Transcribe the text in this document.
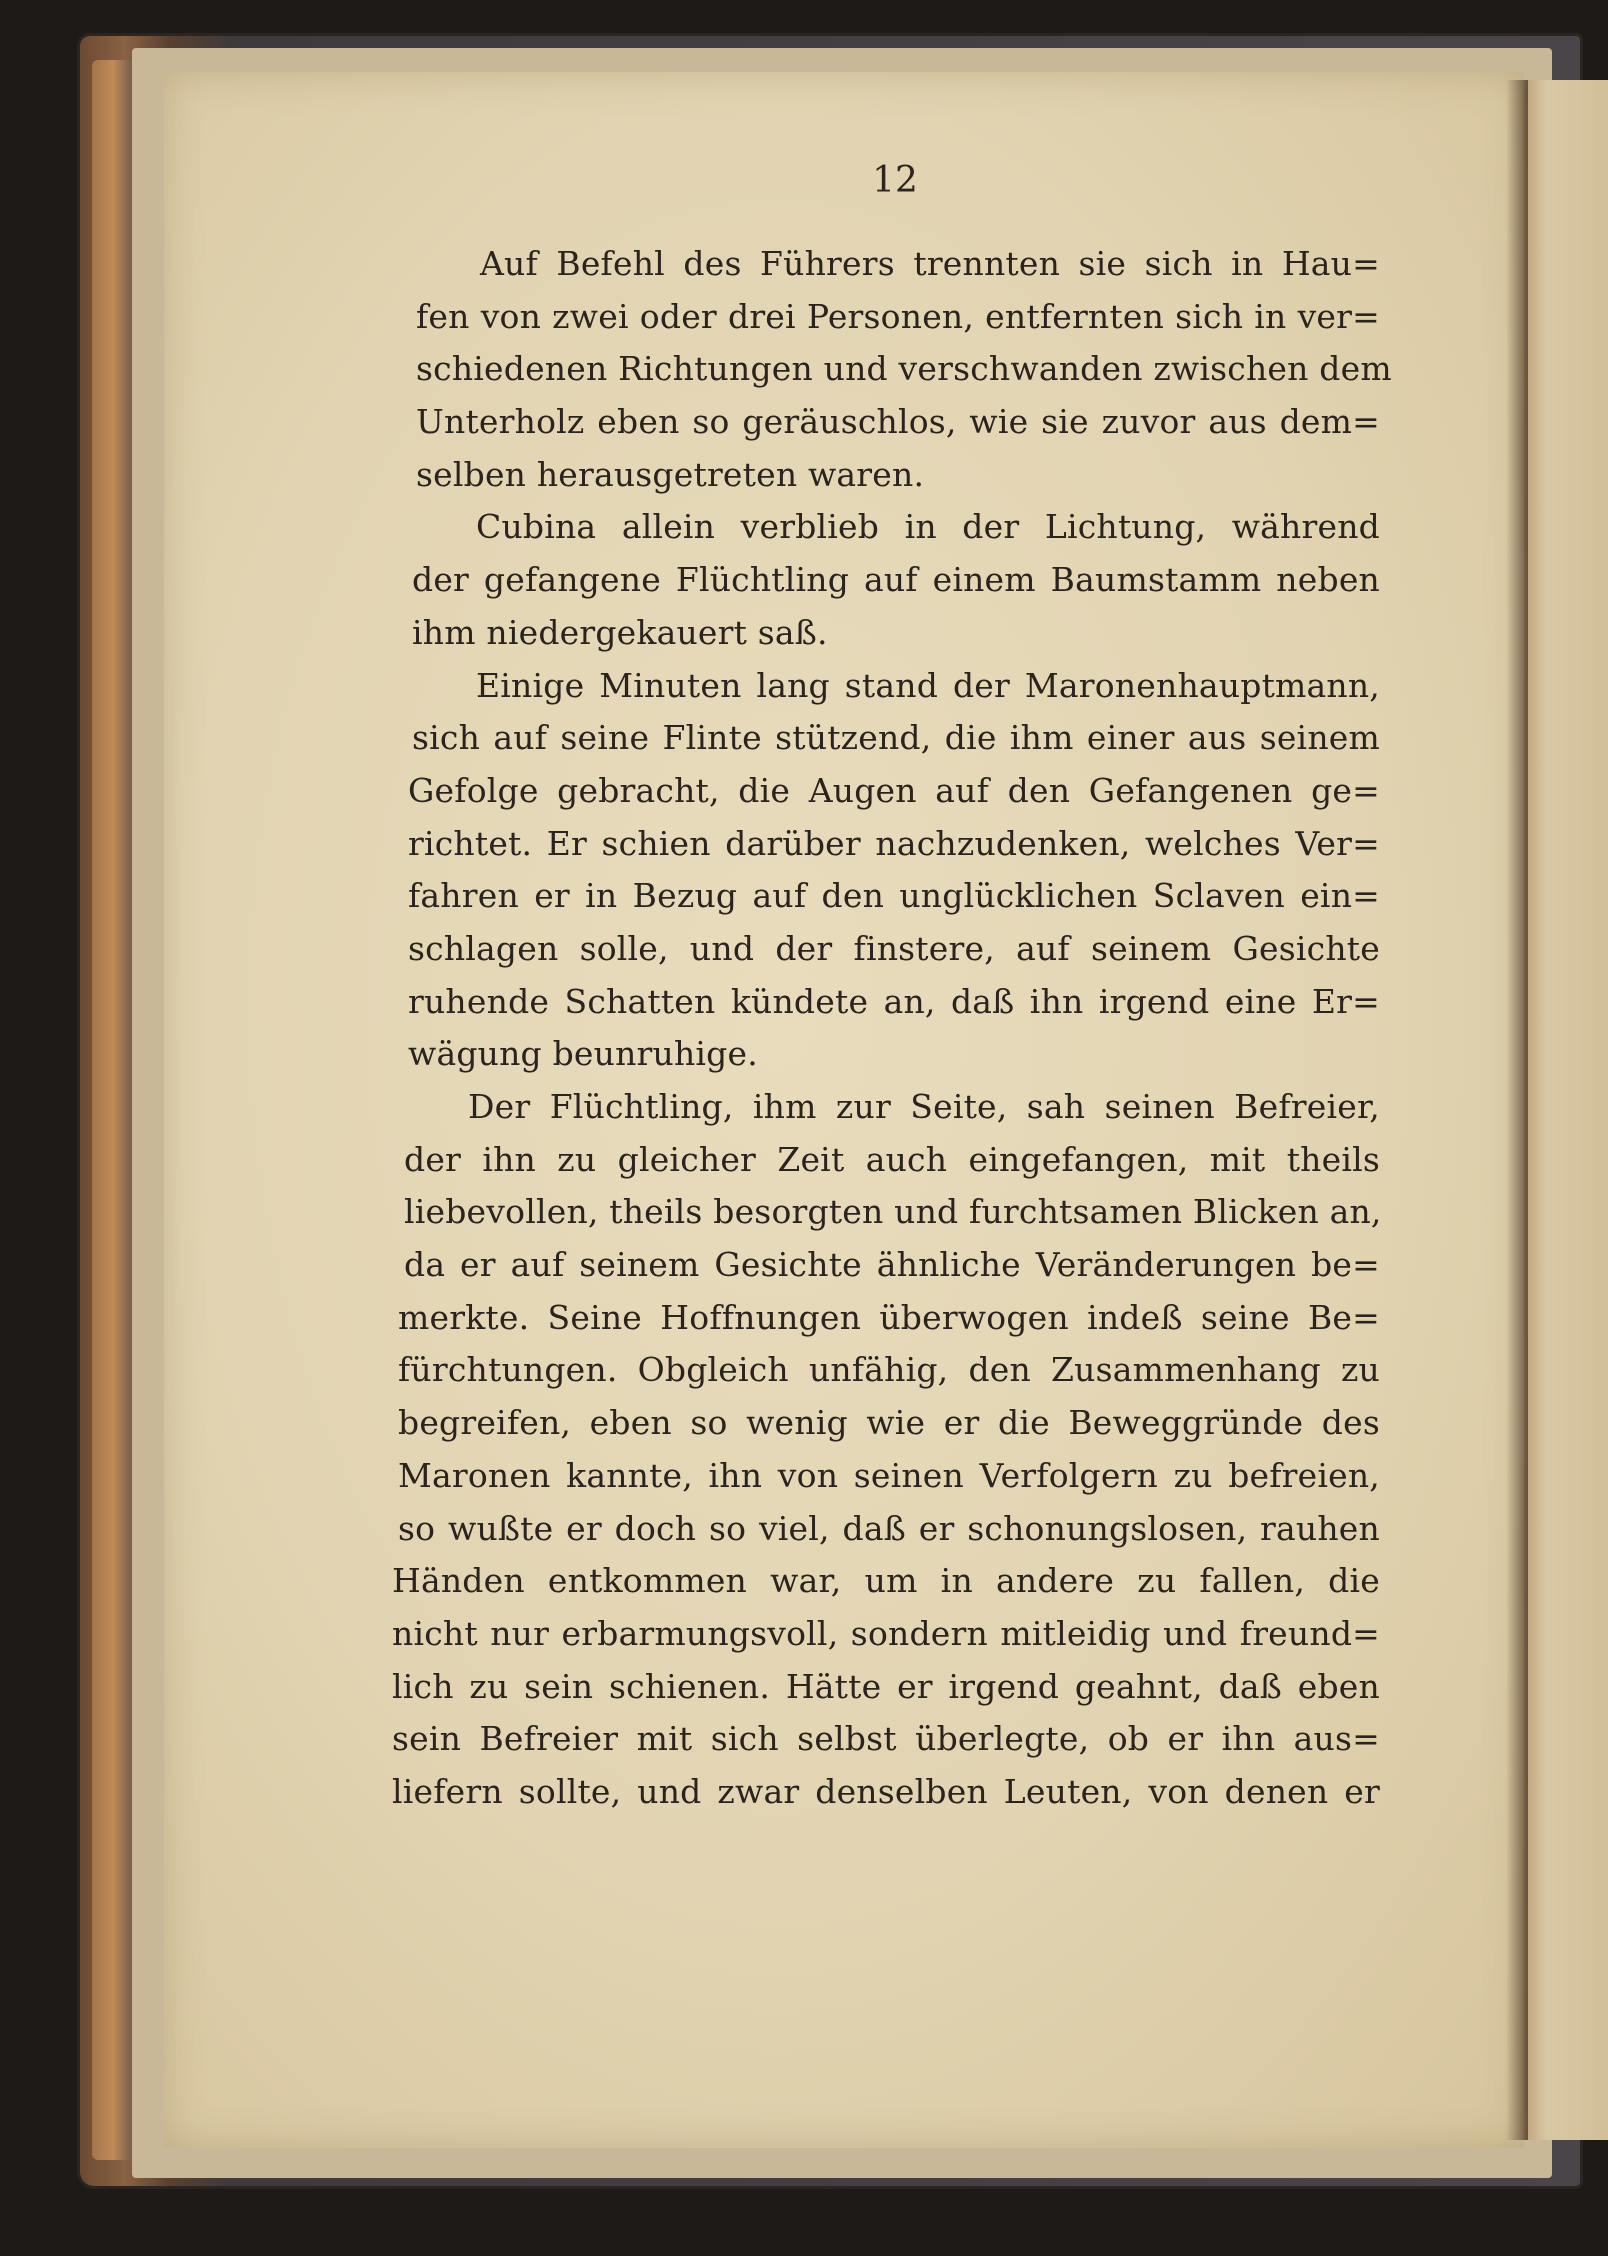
12
Auf Befehl des Führers trennten sie sich in Hau=
fen von zwei oder drei Personen, entfernten sich in ver=
schiedenen Richtungen und verschwanden zwischen dem
Unterholz eben so geräuschlos, wie sie zuvor aus dem=
selben herausgetreten waren.
Cubina allein verblieb in der Lichtung, während
der gefangene Flüchtling auf einem Baumstamm neben
ihm niedergekauert saß.
Einige Minuten lang stand der Maronenhauptmann,
sich auf seine Flinte stützend, die ihm einer aus seinem
Gefolge gebracht, die Augen auf den Gefangenen ge=
richtet. Er schien darüber nachzudenken, welches Ver=
fahren er in Bezug auf den unglücklichen Sclaven ein=
schlagen solle, und der finstere, auf seinem Gesichte
ruhende Schatten kündete an, daß ihn irgend eine Er=
wägung beunruhige.
Der Flüchtling, ihm zur Seite, sah seinen Befreier,
der ihn zu gleicher Zeit auch eingefangen, mit theils
liebevollen, theils besorgten und furchtsamen Blicken an,
da er auf seinem Gesichte ähnliche Veränderungen be=
merkte. Seine Hoffnungen überwogen indeß seine Be=
fürchtungen. Obgleich unfähig, den Zusammenhang zu
begreifen, eben so wenig wie er die Beweggründe des
Maronen kannte, ihn von seinen Verfolgern zu befreien,
so wußte er doch so viel, daß er schonungslosen, rauhen
Händen entkommen war, um in andere zu fallen, die
nicht nur erbarmungsvoll, sondern mitleidig und freund=
lich zu sein schienen. Hätte er irgend geahnt, daß eben
sein Befreier mit sich selbst überlegte, ob er ihn aus=
liefern sollte, und zwar denselben Leuten, von denen er
